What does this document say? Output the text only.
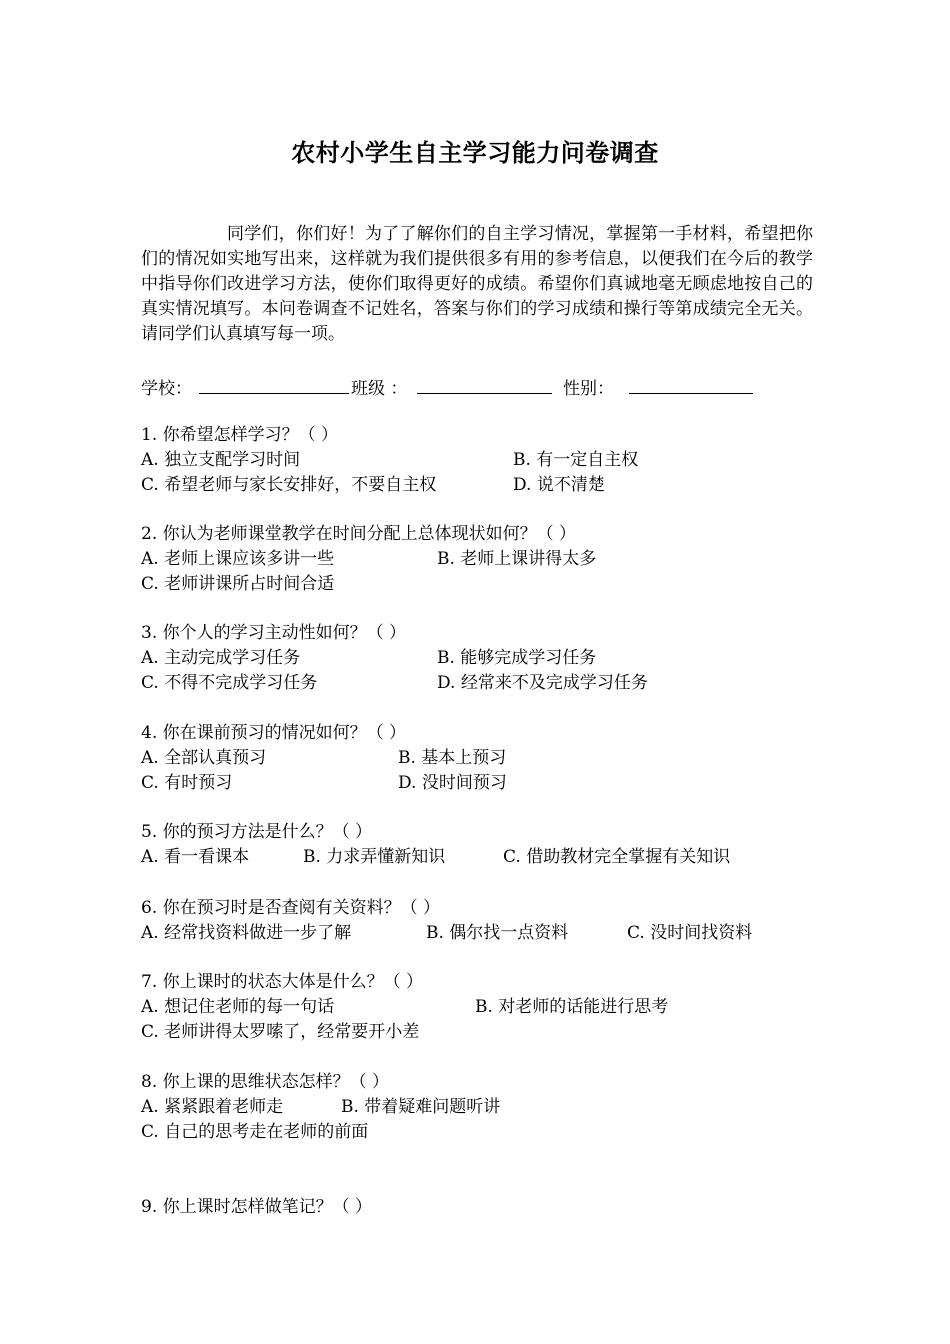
农村小学生自主学习能力问卷调查

同学们，你们好！为了了解你们的自主学习情况，掌握第一手材料，希望把你们的情况如实地写出来，这样就为我们提供很多有用的参考信息，以便我们在今后的教学中指导你们改进学习方法，使你们取得更好的成绩。希望你们真诚地毫无顾虑地按自己的真实情况填写。本问卷调查不记姓名，答案与你们的学习成绩和操行等第成绩完全无关。请同学们认真填写每一项。

学校：	班级 ：	性别：
1. 你希望怎样学习？（ ）
A. 独立支配学习时间	B. 有一定自主权
C. 希望老师与家长安排好，不要自主权	D. 说不清楚
2. 你认为老师课堂教学在时间分配上总体现状如何？（ ）
A. 老师上课应该多讲一些	B. 老师上课讲得太多
C. 老师讲课所占时间合适
3. 你个人的学习主动性如何？（ ）
A. 主动完成学习任务	B. 能够完成学习任务
C. 不得不完成学习任务	D. 经常来不及完成学习任务
4. 你在课前预习的情况如何？（ ）
A. 全部认真预习	B. 基本上预习
C. 有时预习	D. 没时间预习
5. 你的预习方法是什么？（ ）
A. 看一看课本	B. 力求弄懂新知识	C. 借助教材完全掌握有关知识
6. 你在预习时是否查阅有关资料？（ ）
A. 经常找资料做进一步了解	B. 偶尔找一点资料	C. 没时间找资料
7. 你上课时的状态大体是什么？（ ）
A. 想记住老师的每一句话	B. 对老师的话能进行思考
C. 老师讲得太罗嗦了，经常要开小差
8. 你上课的思维状态怎样？（ ）
A. 紧紧跟着老师走	B. 带着疑难问题听讲
C. 自己的思考走在老师的前面
9. 你上课时怎样做笔记？（ ）
